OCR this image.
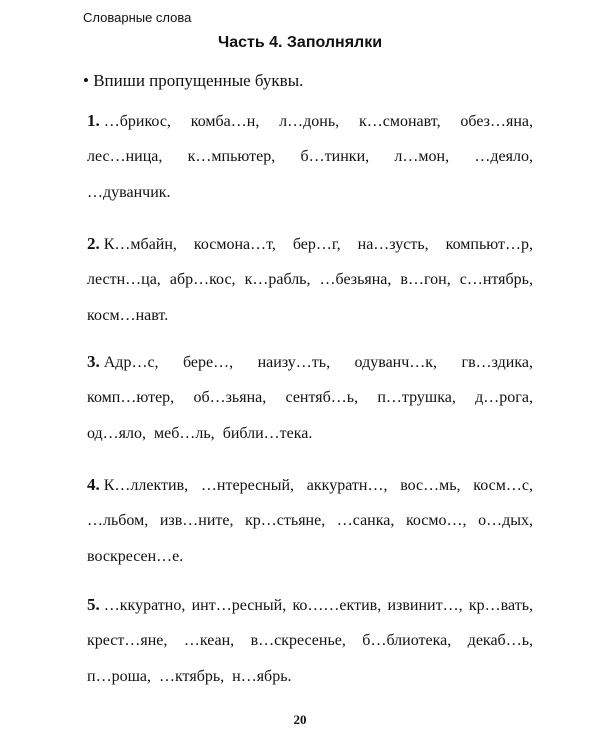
Словарные слова
Часть 4. Заполнялки
• Впиши пропущенные буквы.
1. …брикос, комба…н, л…донь, к…смонавт, обез…яна,
лес…ница, к…мпьютер, б…тинки, л…мон, …деяло,
…дуванчик.
2. К…мбайн, космона…т, бер…г, на…зусть, компьют…р,
лестн…ца, абр…кос, к…рабль, …безьяна, в…гон, с…нтябрь,
косм…навт.
3. Адр…с, бере…, наизу…ть, одуванч…к, гв…здика,
комп…ютер, об…зьяна, сентяб…ь, п…трушка, д…рога,
од…яло, меб…ль, библи…тека.
4. К…ллектив, …нтересный, аккуратн…, вос…мь, косм…с,
…льбом, изв…ните, кр…стьяне, …санка, космо…, о…дых,
воскресен…е.
5. …ккуратно, инт…ресный, ко……ектив, извинит…, кр…вать,
крест…яне, …кеан, в…скресенье, б…блиотека, декаб…ь,
п…роша, …ктябрь, н…ябрь.
20
